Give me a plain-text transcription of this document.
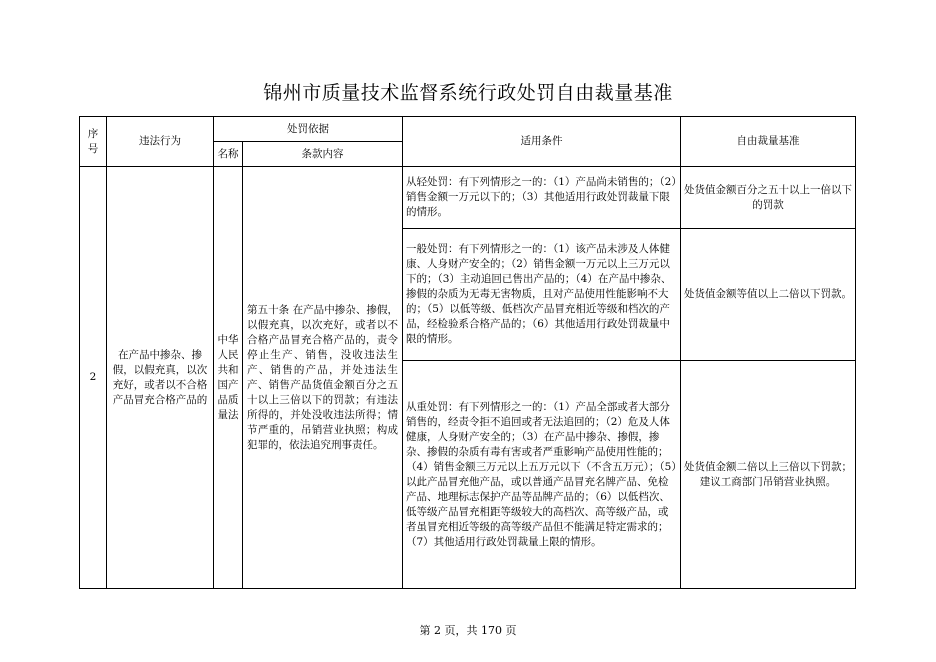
锦州市质量技术监督系统行政处罚自由裁量基准
序号	违法行为	处罚依据		适用条件	自由裁量基准
		名称	条款内容		
2	在产品中掺杂、掺假，以假充真，以次充好，或者以不合格产品冒充合格产品的	中华人民共和国产品质量法	第五十条 在产品中掺杂、掺假，以假充真，以次充好，或者以不合格产品冒充合格产品的，责令停止生产、销售，没收违法生产、销售的产品，并处违法生产、销售产品货值金额百分之五十以上三倍以下的罚款；有违法所得的，并处没收违法所得；情节严重的，吊销营业执照；构成犯罪的，依法追究刑事责任。	从轻处罚：有下列情形之一的：（1）产品尚未销售的；（2）销售金额一万元以下的；（3）其他适用行政处罚裁量下限的情形。	处货值金额百分之五十以上一倍以下的罚款
				一般处罚：有下列情形之一的：（1）该产品未涉及人体健康、人身财产安全的；（2）销售金额一万元以上三万元以下的；（3）主动追回已售出产品的；（4）在产品中掺杂、掺假的杂质为无毒无害物质，且对产品使用性能影响不大的；（5）以低等级、低档次产品冒充相近等级和档次的产品，经检验系合格产品的；（6）其他适用行政处罚裁量中限的情形。	处货值金额等值以上二倍以下罚款。
				从重处罚：有下列情形之一的：（1）产品全部或者大部分销售的，经责令拒不追回或者无法追回的；（2）危及人体健康，人身财产安全的；（3）在产品中掺杂、掺假，掺杂、掺假的杂质有毒有害或者严重影响产品使用性能的；（4）销售金额三万元以上五万元以下（不含五万元）；（5）以此产品冒充他产品，或以普通产品冒充名牌产品、免检产品、地理标志保护产品等品牌产品的；（6）以低档次、低等级产品冒充相距等级较大的高档次、高等级产品，或者虽冒充相近等级的高等级产品但不能满足特定需求的；（7）其他适用行政处罚裁量上限的情形。	处货值金额二倍以上三倍以下罚款；建议工商部门吊销营业执照。
第 2 页，共 170 页
